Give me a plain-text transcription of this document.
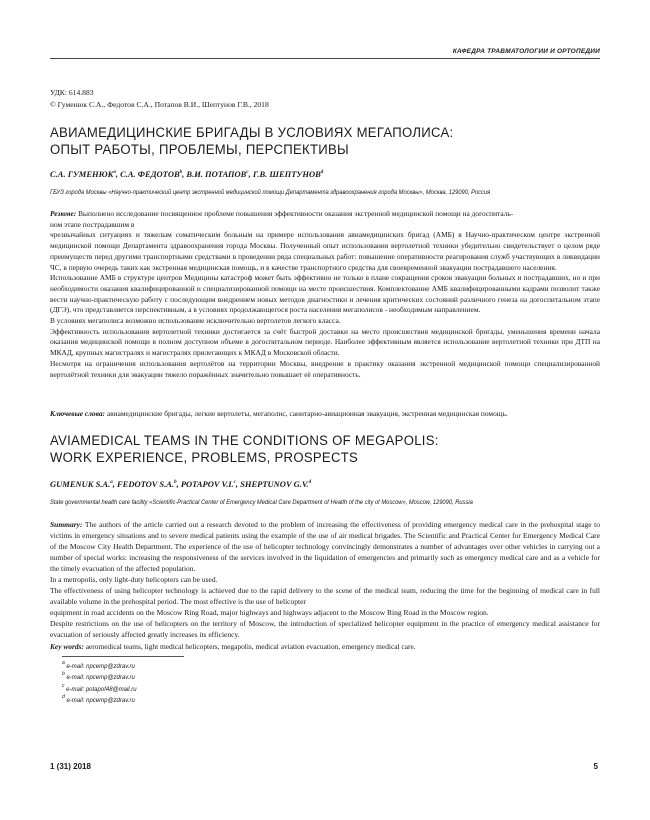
КАФЕДРА ТРАВМАТОЛОГИИ И ОРТОПЕДИИ
УДК: 614.883
© Гуменюк С.А., Федотов С.А., Потапов В.И., Шептунов Г.В., 2018
АВИАМЕДИЦИНСКИЕ БРИГАДЫ В УСЛОВИЯХ МЕГАПОЛИСА:
ОПЫТ РАБОТЫ, ПРОБЛЕМЫ, ПЕРСПЕКТИВЫ
С.А. $ГУМЕНЮК^а$, С.А. ФЕДОТОВ$^b$, В.И. ПОТАПОВ$^c$, Г.В. ШЕПТУНОВ$^d$
ГБУЗ города Москвы «Научно-практический центр экстренной медицинской помощи Департамента здравоохранения города Москвы», Москва, 129090, Россия

Резюме: Выполнено исследование посвященное проблеме повышения эффективности оказания экстренной медицинской помощи на догоспиталь-

ном этапе пострадавшим в

чрезвычайных ситуациях и тяжелым соматическим больным на примере использования авиамедицинских бригад (АМБ) в Научно-практическом центре экстренной медицинской помощи Департамента здравоохранения города Москвы. Полученный опыт использования вертолетной техники убедительно свидетельствует о целом ряде преимуществ перед другими транспортными средствами в проведении ряда специальных работ: повышение оперативности реагирования служб участвующих в ликвидации ЧС, в первую очередь таких как экстренная медицинская помощь, и в качестве транспортного средства для своевременной эвакуации пострадавшего населения.

Использование АМБ в структуре центров Медицины катастроф может быть эффективно не только в плане сокращения сроков эвакуации больных и пострадавших, но и при необходимости оказания квалифицированной и специализированной помощи на месте происшествия. Комплектование АМБ квалифицированными кадрами позволит также вести научно-практическую работу с последующим внедрением новых методов диагностики и лечения критических состояний различного генеза на догоспитальном этапе (ДГЭ), что представляется перспективным, а в условиях продолжающегося роста населения мегаполисов - необходимым направлением.

В условиях мегаполиса возможно использование исключительно вертолетов легкого класса.

Эффективность использования вертолетной техники достигается за счёт быстрой доставки на место происшествия медицинской бригады, уменьшения времени начала оказания медицинской помощи в полном доступном объеме в догоспитальном периоде. Наиболее эффективным является использование вертолетной техники при ДТП на МКАД, крупных магистралях и магистралях прилегающих к МКАД в Московской области.

Несмотря на ограничения использования вертолётов на территории Москвы, внедрение в практику оказания экстренной медицинской помощи специализированной вертолётной техники для эвакуации тяжело поражённых значительно повышает её оперативность.

Ключевые слова: авиамедицинские бригады, легкие вертолеты, мегаполис, санитарно-авиационная эвакуация, экстренная медицинская помощь.
AVIAMEDICAL TEAMS IN THE CONDITIONS OF MEGAPOLIS:
WORK EXPERIENCE, PROBLEMS, PROSPECTS
GUMENUK S.A.$^a$, FEDOTOV S.A.$^b$, POTAPOV V.I.$^c$, SHEPTUNOV G.V.$^d$
State governmental health care facility «Scientific-Practical Center of Emergency Medical Care Department of Health of the city of Moscow», Moscow, 129090, Russia

Summary: The authors of the article carried out a research devoted to the problem of increasing the effectiveness of providing emergency medical care in the prehospital stage to victims in emergency situations and to severe medical patients using the example of the use of air medical brigades. The Scientific and Practical Center for Emergency Medical Care of the Moscow City Health Department. The experience of the use of helicopter technology convincingly demonstrates a number of advantages over other vehicles in carrying out a number of special works: increasing the responsiveness of the services involved in the liquidation of emergencies and primarily such as emergency medical care and as a vehicle for the timely evacuation of the affected population.

In a metropolis, only light-duty helicopters can be used.

The effectiveness of using helicopter technology is achieved due to the rapid delivery to the scene of the medical team, reducing the time for the beginning of medical care in full available volume in the prehospital period. The most effective is the use of helicopter

equipment in road accidents on the Moscow Ring Road, major highways and highways adjacent to the Moscow Ring Road in the Moscow region.

Despite restrictions on the use of helicopters on the territory of Moscow, the introduction of specialized helicopter equipment in the practice of emergency medical assistance for evacuation of seriously affected greatly increases its efficiency.

Key words: aeromedical teams, light medical helicopters, megapolis, medical aviation evacuation, emergency medical care.
$^a$ e-mail: npcemp@zdrav.ru
$^b$ e-mail: npcemp@zdrav.ru
$^c$ e-mail: potapof48@mail.ru
$^d$ e-mail: npcemp@zdrav.ru
1 (31) 2018	5
